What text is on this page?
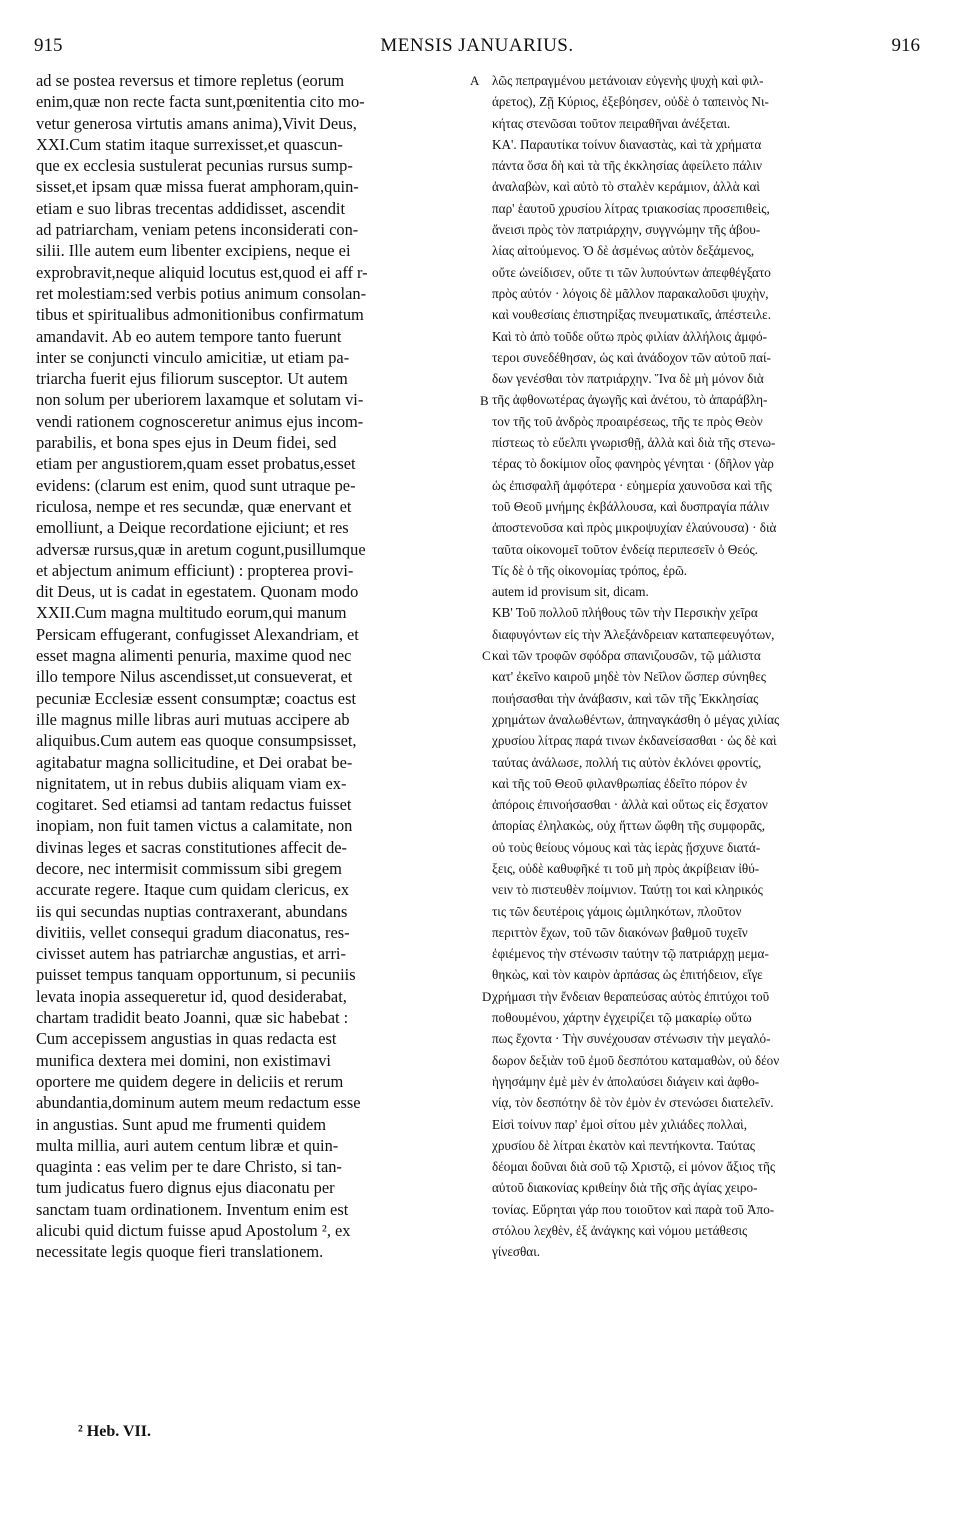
915	MENSIS JANUARIUS.	916
ad se postea reversus et timore repletus (eorum
enim,quæ non recte facta sunt,pœnitentia cito mo-
vetur generosa virtutis amans anima),Vivit Deus,
XXI.Cum statim itaque surrexisset,et quascun-
que ex ecclesia sustulerat pecunias rursus sump-
sisset,et ipsam quæ missa fuerat amphoram,quin-
etiam e suo libras trecentas addidisset, ascendit
ad patriarcham, veniam petens inconsiderati con-
silii. Ille autem eum libenter excipiens, neque ei
exprobravit,neque aliquid locutus est,quod ei aff r-
ret molestiam:sed verbis potius animum consolan-
tibus et spiritualibus admonitionibus confirmatum
amandavit. Ab eo autem tempore tanto fuerunt
inter se conjuncti vinculo amicitiæ, ut etiam pa-
triarcha fuerit ejus filiorum susceptor. Ut autem
non solum per uberiorem laxamque et solutam vi-
vendi rationem cognosceretur animus ejus incom-
parabilis, et bona spes ejus in Deum fidei, sed
etiam per angustiorem,quam esset probatus,esset
evidens: (clarum est enim, quod sunt utraque pe-
riculosa, nempe et res secundæ, quæ enervant et
emolliunt, a Deique recordatione ejiciunt; et res
adversæ rursus,quæ in aretum cogunt,pusillumque
et abjectum animum efficiunt) : propterea provi-
dit Deus, ut is cadat in egestatem. Quonam modo
XXII.Cum magna multitudo eorum,qui manum
Persicam effugerant, confugisset Alexandriam, et
esset magna alimenti penuria, maxime quod nec
illo tempore Nilus ascendisset,ut consueverat, et
pecuniæ Ecclesiæ essent consumptæ; coactus est
ille magnus mille libras auri mutuas accipere ab
aliquibus.Cum autem eas quoque consumpsisset,
agitabatur magna sollicitudine, et Dei orabat be-
nignitatem, ut in rebus dubiis aliquam viam ex-
cogitaret. Sed etiamsi ad tantam redactus fuisset
inopiam, non fuit tamen victus a calamitate, non
divinas leges et sacras constitutiones affecit de-
decore, nec intermisit commissum sibi gregem
accurate regere. Itaque cum quidam clericus, ex
iis qui secundas nuptias contraxerant, abundans
divitiis, vellet consequi gradum diaconatus, res-
civisset autem has patriarchæ angustias, et arri-
puisset tempus tanquam opportunum, si pecuniis
levata inopia assequeretur id, quod desiderabat,
chartam tradidit beato Joanni, quæ sic habebat :
Cum accepissem angustias in quas redacta est
munifica dextera mei domini, non existimavi
oportere me quidem degere in deliciis et rerum
abundantia,dominum autem meum redactum esse
in angustias. Sunt apud me frumenti quidem
multa millia, auri autem centum libræ et quin-
quaginta : eas velim per te dare Christo, si tan-
tum judicatus fuero dignus ejus diaconatu per
sanctam tuam ordinationem. Inventum enim est
alicubi quid dictum fuisse apud Apostolum ², ex
necessitate legis quoque fieri translationem.
λῶς πεπραγμένου μετάνοιαν εὐγενὴς ψυχὴ καὶ φιλ-
άρετος), Ζῇ Κύριος, ἐξεβόησεν, οὐδὲ ὁ ταπεινὸς Νι-
κήτας στενῶσαι τοῦτον πειραθῆναι ἀνέξεται.
ΚΑ'. Παραυτίκα τοίνυν διαναστὰς, καὶ τὰ χρήματα
πάντα ὅσα δὴ καὶ τὰ τῆς ἐκκλησίας ἀφείλετο πάλιν
ἀναλαβὼν, καὶ αὐτὸ τὸ σταλὲν κεράμιον, ἀλλὰ καὶ
παρ' ἑαυτοῦ χρυσίου λίτρας τριακοσίας προσεπιθεὶς,
ἄνεισι πρὸς τὸν πατριάρχην, συγγνώμην τῆς ἀβου-
λίας αἰτούμενος. Ὁ δὲ ἀσμένως αὐτὸν δεξάμενος,
οὔτε ὠνείδισεν, οὔτε τι τῶν λυπούντων ἀπεφθέγξατο
πρὸς αὐτόν · λόγοις δὲ μᾶλλον παρακαλοῦσι ψυχὴν,
καὶ νουθεσίαις ἐπιστηρίξας πνευματικαῖς, ἀπέστειλε.
Καὶ τὸ ἀπὸ τοῦδε οὕτω πρὸς φιλίαν ἀλλήλοις ἀμφό-
τεροι συνεδέθησαν, ὡς καὶ ἀνάδοχον τῶν αὐτοῦ παί-
δων γενέσθαι τὸν πατριάρχην. Ἵνα δὲ μὴ μόνον διὰ
τῆς ἀφθονωτέρας ἀγωγῆς καὶ ἀνέτου, τὸ ἀπαράβλη-
τον τῆς τοῦ ἀνδρὸς προαιρέσεως, τῆς τε πρὸς Θεὸν
πίστεως τὸ εὔελπι γνωρισθῇ, ἀλλὰ καὶ διὰ τῆς στενω-
τέρας τὸ δοκίμιον οἷος φανηρὸς γένηται · (δῆλον γὰρ
ὡς ἐπισφαλῆ ἀμφότερα · εὐημερία χαυνοῦσα καὶ τῆς
τοῦ Θεοῦ μνήμης ἐκβάλλουσα, καὶ δυσπραγία πάλιν
ἀποστενοῦσα καὶ πρὸς μικροψυχίαν ἐλαύνουσα) · διὰ
ταῦτα οἰκονομεῖ τοῦτον ἐνδείᾳ περιπεσεῖν ὁ Θεός.
Τίς δὲ ὁ τῆς οἰκονομίας τρόπος, ἐρῶ.
autem id provisum sit, dicam.
ΚΒ' Τοῦ πολλοῦ πλήθους τῶν τὴν Περσικὴν χεῖρα
διαφυγόντων εἰς τὴν Ἀλεξάνδρειαν καταπεφευγότων,
καὶ τῶν τροφῶν σφόδρα σπανιζουσῶν, τῷ μάλιστα
κατ' ἐκεῖνο καιροῦ μηδὲ τὸν Νεῖλον ὥσπερ σύνηθες
ποιήσασθαι τὴν ἀνάβασιν, καὶ τῶν τῆς Ἐκκλησίας
χρημάτων ἀναλωθέντων, ἀπηναγκάσθη ὁ μέγας χιλίας
χρυσίου λίτρας παρά τινων ἐκδανείσασθαι · ὡς δὲ καὶ
ταύτας ἀνάλωσε, πολλή τις αὐτὸν ἐκλόνει φροντίς,
καὶ τῆς τοῦ Θεοῦ φιλανθρωπίας ἐδεῖτο πόρον ἐν
ἀπόροις ἐπινοήσασθαι · ἀλλὰ καὶ οὕτως εἰς ἔσχατον
ἀπορίας ἐληλακὼς, οὐχ ἥττων ὤφθη τῆς συμφορᾶς,
οὐ τοὺς θείους νόμους καὶ τὰς ἱερὰς ᾔσχυνε διατά-
ξεις, οὐδὲ καθυφῆκέ τι τοῦ μὴ πρὸς ἀκρίβειαν ἰθύ-
νειν τὸ πιστευθὲν ποίμνιον. Ταύτῃ τοι καὶ κληρικός
τις τῶν δευτέροις γάμοις ὡμιληκότων, πλοῦτον
περιττὸν ἔχων, τοῦ τῶν διακόνων βαθμοῦ τυχεῖν
ἐφιέμενος τὴν στένωσιν ταύτην τῷ πατριάρχῃ μεμα-
θηκὼς, καὶ τὸν καιρὸν ἁρπάσας ὡς ἐπιτήδειον, εἴγε
χρήμασι τὴν ἔνδειαν θεραπεύσας αὐτὸς ἐπιτύχοι τοῦ
ποθουμένου, χάρτην ἐγχειρίζει τῷ μακαρίῳ οὕτω
πως ἔχοντα · Τὴν συνέχουσαν στένωσιν τὴν μεγαλό-
δωρον δεξιὰν τοῦ ἐμοῦ δεσπότου καταμαθὼν, οὐ δέον
ἡγησάμην ἐμὲ μὲν ἐν ἀπολαύσει διάγειν καὶ ἀφθο-
νίᾳ, τὸν δεσπότην δὲ τὸν ἐμὸν ἐν στενώσει διατελεῖν.
Εἰσὶ τοίνυν παρ' ἐμοὶ σίτου μὲν χιλιάδες πολλαὶ,
χρυσίου δὲ λίτραι ἑκατὸν καὶ πεντήκοντα. Ταύτας
δέομαι δοῦναι διὰ σοῦ τῷ Χριστῷ, εἰ μόνον ἄξιος τῆς
αὐτοῦ διακονίας κριθείην διὰ τῆς σῆς ἁγίας χειρο-
τονίας. Εὕρηται γάρ που τοιοῦτον καὶ παρὰ τοῦ Ἀπο-
στόλου λεχθὲν, ἐξ ἀνάγκης καὶ νόμου μετάθεσις
γίνεσθαι.
A
B
C
D
² Heb. VII.
